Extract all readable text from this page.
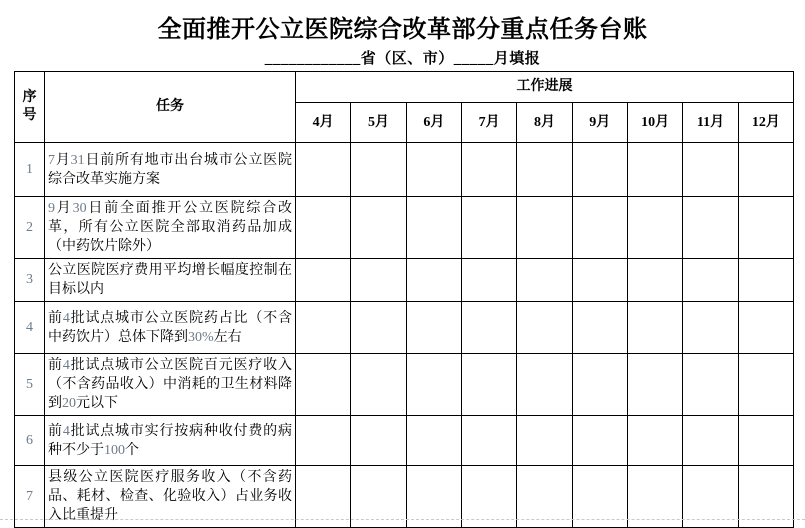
全面推开公立医院综合改革部分重点任务台账
____________省（区、市）_____月填报
序号	任务	工作进展								
		4月	5月	6月	7月	8月	9月	10月	11月	12月
1	7月31日前所有地市出台城市公立医院综合改革实施方案									
2	9月30日前全面推开公立医院综合改革，所有公立医院全部取消药品加成（中药饮片除外）									
3	公立医院医疗费用平均增长幅度控制在目标以内									
4	前4批试点城市公立医院药占比（不含中药饮片）总体下降到30%左右									
5	前4批试点城市公立医院百元医疗收入（不含药品收入）中消耗的卫生材料降到20元以下									
6	前4批试点城市实行按病种收付费的病种不少于100个									
7	县级公立医院医疗服务收入（不含药品、耗材、检查、化验收入）占业务收入比重提升									
